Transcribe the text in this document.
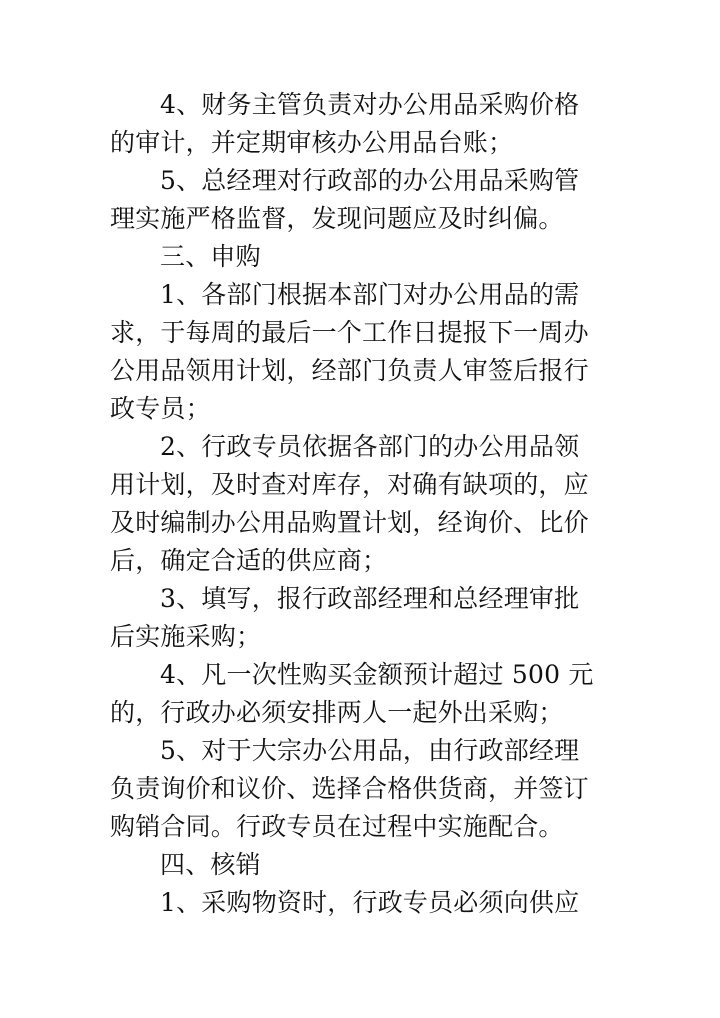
4、财务主管负责对办公用品采购价格
的审计，并定期审核办公用品台账；
5、总经理对行政部的办公用品采购管
理实施严格监督，发现问题应及时纠偏。
三、申购
1、各部门根据本部门对办公用品的需
求，于每周的最后一个工作日提报下一周办
公用品领用计划，经部门负责人审签后报行
政专员；
2、行政专员依据各部门的办公用品领
用计划，及时查对库存，对确有缺项的，应
及时编制办公用品购置计划，经询价、比价
后，确定合适的供应商；
3、填写，报行政部经理和总经理审批
后实施采购；
4、凡一次性购买金额预计超过 500 元
的，行政办必须安排两人一起外出采购；
5、对于大宗办公用品，由行政部经理
负责询价和议价、选择合格供货商，并签订
购销合同。行政专员在过程中实施配合。
四、核销
1、采购物资时，行政专员必须向供应
